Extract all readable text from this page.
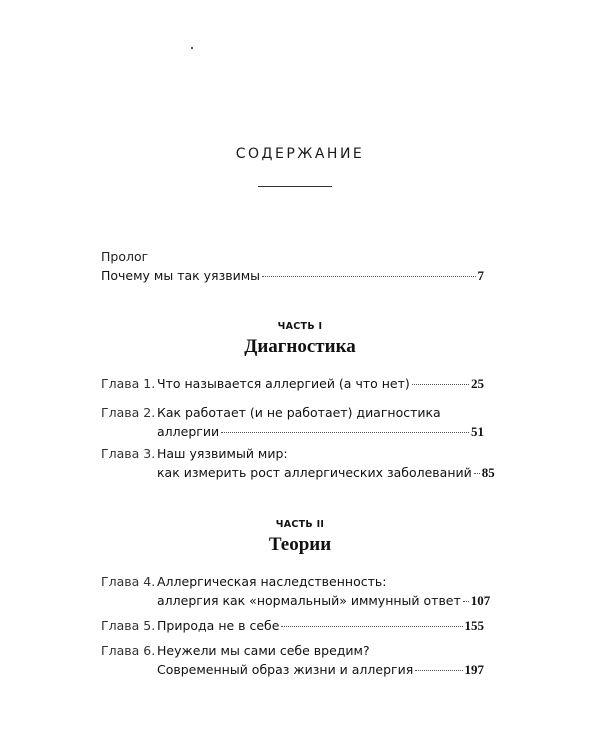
СОДЕРЖАНИЕ
Пролог
Почему мы так уязвимы	7
ЧАСТЬ I
Диагностика
Глава 1. Что называется аллергией (а что нет)	25
Глава 2. Как работает (и не работает) диагностика
аллергии	51
Глава 3. Наш уязвимый мир:
как измерить рост аллергических заболеваний 85
ЧАСТЬ II
Теории
Глава 4. Аллергическая наследственность:
аллергия как «нормальный» иммунный ответ 107
Глава 5. Природа не в себе	155
Глава 6. Неужели мы сами себе вредим?
Современный образ жизни и аллергия	197
